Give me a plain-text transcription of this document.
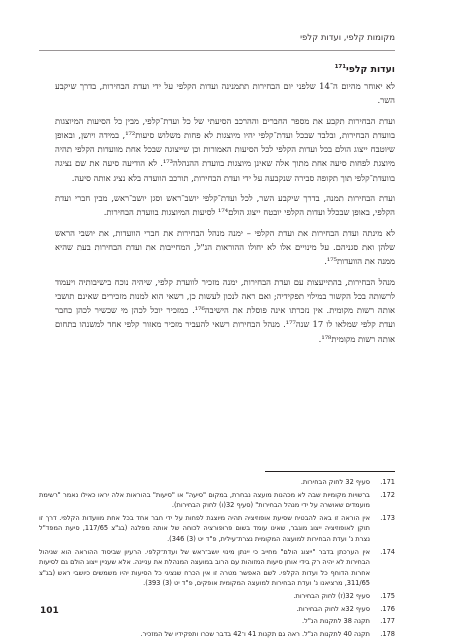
מקומות קלפי, ועדות קלפי
ועדות קלפי$^{171}$

לא יאוחר מהיום ה־14 שלפני יום הבחירות תתמנינה ועדות הקלפי על ידי ועדת הבחירות, בדרך שיקבע השר.

ועדת הבחירות תקבע את מספר החברים וההרכב הסיעתי של כל ועדת־קלפי, מבין כל הסיעות המיוצגות בוועדת הבחירות, ובלבד שבכל ועדת־קלפי יהיו מיוצגות לא פחות משלוש סיעות¹⁷², במידה ויושן, ובאופן שיוטבח ייצוג הולם בכל ועדות הקלפי לכל הסיעות האמורות וכן שייצוגה שבכל אחת מוועדות הקלפי תהיה מיוצגת לפחות סיעה אחת מתוך אלה שאינן מיוצגות בוועדת ההנהלה¹⁷³. לא הודיעה סיעה את שם נציגה בוועדת־קלפי תוך תקופה סבירה שנקבעה על ידי ועדת הבחירות, תורכב הוועדה בלא נציג אותה סיעה.

ועדת הבחירות תמנה, בדרך שיקבע השר, לכל ועדת־קלפי יושב־ראש וסגן יושב־ראש, מבין חברי ועדת הקלפי, באופן שבכלל ועדות הקלפי יובטח ייצוג הולם¹⁷⁴ לסיעות המיוצגות בוועדת הבחירות.

לא מינתה ועדת הבחירות את ועדת הקלפי – ימנה מנהל הבחירות את חברי הוועדות, את יושבי הראש שלהן ואת סגניהם. על מינויים אלו לא יחולו ההוראות הנ"ל, המחייבות את ועדת הבחירות בעת שהיא ממנה את הוועדות¹⁷⁵.

מנהל הבחירות, בהתייעצות עם ועדת הבחירות, ימנה מזכיר לוועדת קלפי, שיהיה נוכח בישיבותיה ויעמוד לרשותה בכל הקשור במילוי תפקידיה; ואם ראה לנכון לעשות כן, רשאי הוא למנות מזכירים שאינם תושבי אותה רשות מקומית. אין נזכרתו אינה פוסלת את הישיבה¹⁷⁶. כמזכיר יוכל לכהן מי שכשיר לכהן כחבר ועדת קלפי שמלאו לו 17 שנה¹⁷⁷. מנהל הבחירות רשאי להעביר מזכיר מאזור קלפי אחד למשנהו בתחום אותה רשות מקומית¹⁷⁸.

171.
סעיף 32 לחוק הבחירות.
172.
ברשויות מקומיות שבה לא מכהנות מועצה נבחרת, במקום "סיעה" או "סיעות" בהוראות אלה יראו כאילו נאמר "רשימת מועמדים שאושרה על ידי מנהל הבחירות" (סעיף 32(ו) לחוק הבחירות).
173.
אין הוראה זו באה להבטיח שסיעת אופוזיציה תהיה מיוצגת לפחות על ידי חבר אחד בכל אחת מוועדות הקלפי. דרך זו תוקן לאופוזיציה ייצוג מוגבר, שאינו עומד בשום פרופורציה לכוחה של אותה מפלגה (בג"צ 117/65, סיעת המפד"ל נצרת נ' ועדת הבחירות למועצה המקומית נצרת־עילית, פ"ד יט (3) 346).
174.
אין הערכתן בדבר "ייצוג הולם" מחייב כי יינתן מינוי יושב־ראש של ועדת־קלפי. הרעיון שביסוד ההוראה הוא שניהול הבחירות לא יהיה רק בידי אותן סיעות המזוהות עם הרוב במועצה המנהלת את עניינה. אלא שעניין ייצוג הולם גם לסיעות אחרות הדוחף כל ועדות הקלפי. לשם האפשר מטרה זו אין הכרח שנציגי כל הסיעות יהיו משמשים כיושבי ראש (בג"צ 311/65, מרציאנו נ' ועדת הבחירות למועצה המקומית אופקים, פ"ד יט (3) 393).
175.
סעיף 32(ז) לחוק הבחירות.
176.
סעיף 32א לחוק הבחירות.
177.
תקנה 38 לתקנות הנ"ל.
178.
תקנה 40 לתקנות הנ"ל. ראה גם תקנות 41 ו־42 בדבר שכרו ותפקידיו של המזכיר.
101
